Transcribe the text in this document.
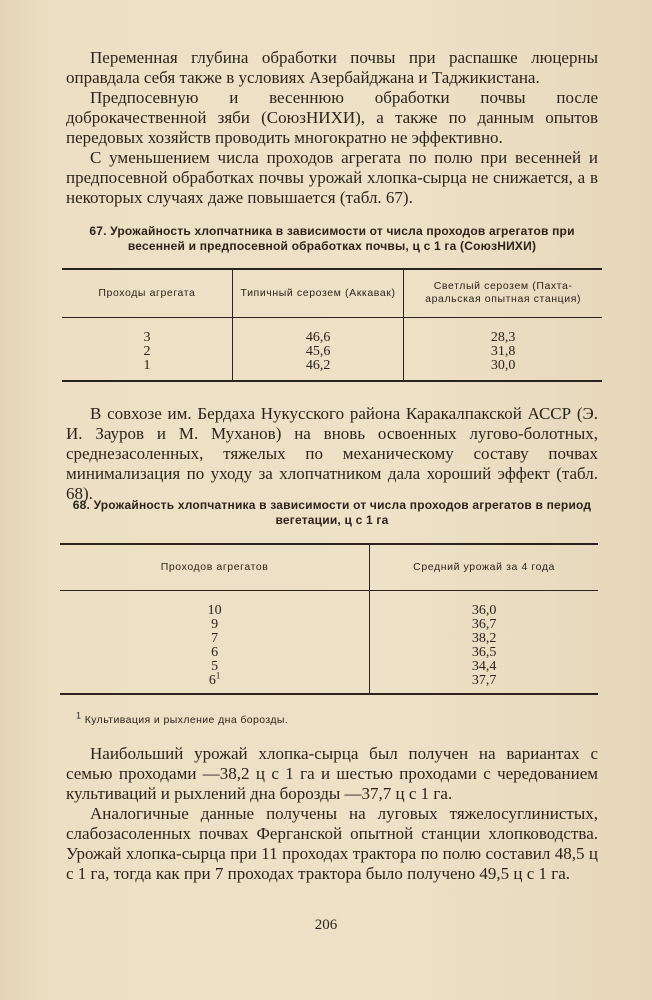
Переменная глубина обработки почвы при распашке люцерны оправдала себя также в условиях Азербайджана и Таджикистана.

Предпосевную и весеннюю обработки почвы после доброкачественной зяби (СоюзНИХИ), а также по данным опытов передовых хозяйств проводить многократно не эффективно.

С уменьшением числа проходов агрегата по полю при весенней и предпосевной обработках почвы урожай хлопка-сырца не снижается, а в некоторых случаях даже повышается (табл. 67).

67. Урожайность хлопчатника в зависимости от числа проходов агрегатов при весенней и предпосевной обработках почвы, ц с 1 га (СоюзНИХИ)
Проходы агрегата	Типичный серозем (Аккавак)	Светлый серозем (Пахта-аральская опытная станция)
3	46,6	28,3
2	45,6	31,8
1	46,2	30,0

В совхозе им. Бердаха Нукусского района Каракалпакской АССР (Э. И. Зауров и М. Муханов) на вновь освоенных лугово-болотных, среднезасоленных, тяжелых по механическому составу почвах минимализация по уходу за хлопчатником дала хороший эффект (табл. 68).

68. Урожайность хлопчатника в зависимости от числа проходов агрегатов в период вегетации, ц с 1 га
Проходов агрегатов	Средний урожай за 4 года
10	36,0
9	36,7
7	38,2
6	36,5
5	34,4
$6^1$	37,7
$^1$ Культивация и рыхление дна борозды.

Наибольший урожай хлопка-сырца был получен на вариантах с семью проходами —38,2 ц с 1 га и шестью проходами с чередованием культиваций и рыхлений дна борозды —37,7 ц с 1 га.

Аналогичные данные получены на луговых тяжелосуглинистых, слабозасоленных почвах Ферганской опытной станции хлопководства. Урожай хлопка-сырца при 11 проходах трактора по полю составил 48,5 ц с 1 га, тогда как при 7 проходах трактора было получено 49,5 ц с 1 га.

206
